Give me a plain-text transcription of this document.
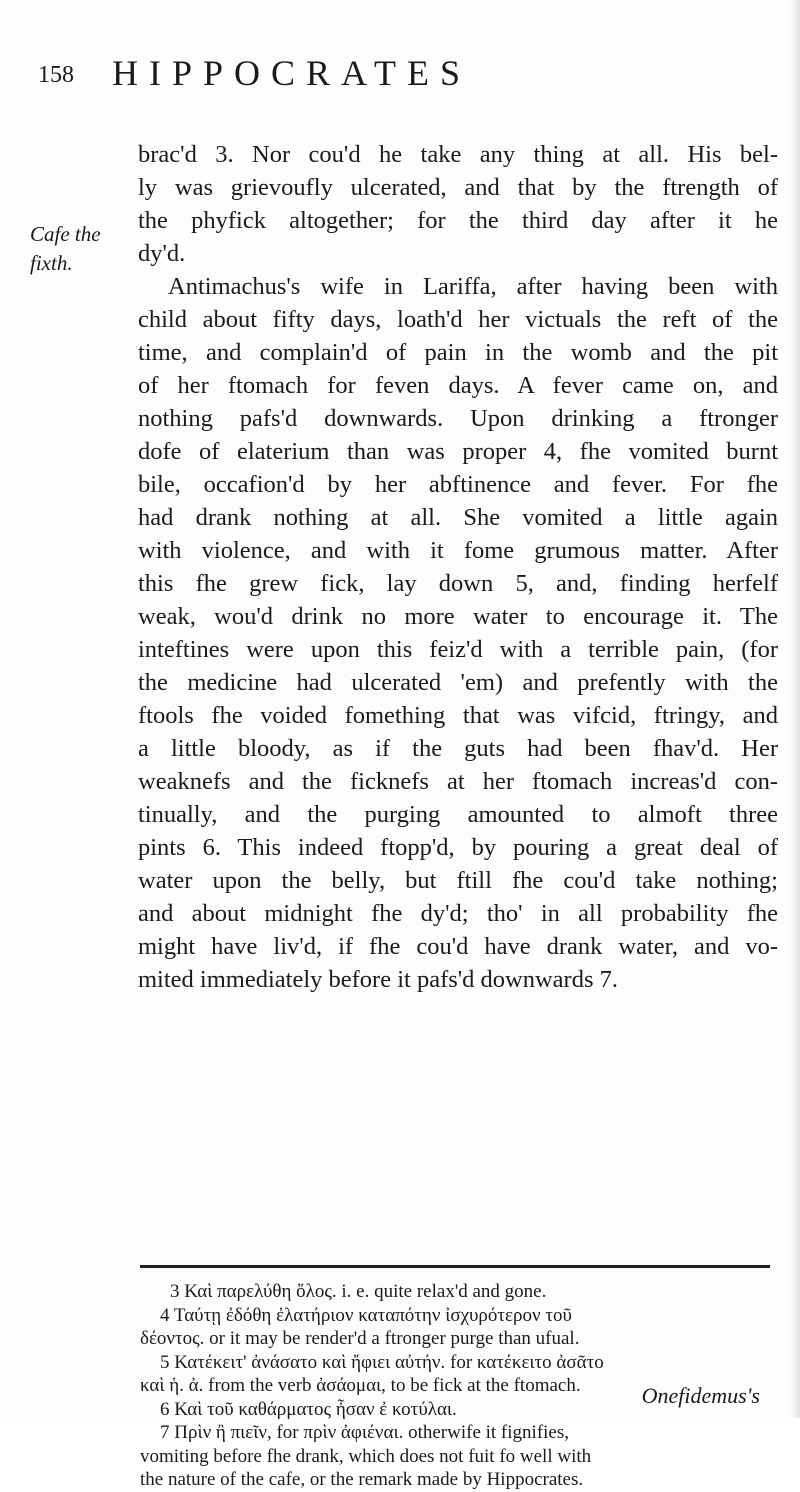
158 HIPPOCRATES
Cafe the
fixth.
brac'd 3. Nor cou'd he take any thing at all. His bel-
ly was grievoufly ulcerated, and that by the ftrength of
the phyfick altogether; for the third day after it he
dy'd.
Antimachus's wife in Lariffa, after having been with
child about fifty days, loath'd her victuals the reft of the
time, and complain'd of pain in the womb and the pit
of her ftomach for feven days. A fever came on, and
nothing pafs'd downwards. Upon drinking a ftronger
dofe of elaterium than was proper 4, fhe vomited burnt
bile, occafion'd by her abftinence and fever. For fhe
had drank nothing at all. She vomited a little again
with violence, and with it fome grumous matter. After
this fhe grew fick, lay down 5, and, finding herfelf
weak, wou'd drink no more water to encourage it. The
inteftines were upon this feiz'd with a terrible pain, (for
the medicine had ulcerated 'em) and prefently with the
ftools fhe voided fomething that was vifcid, ftringy, and
a little bloody, as if the guts had been fhav'd. Her
weaknefs and the ficknefs at her ftomach increas'd con-
tinually, and the purging amounted to almoft three
pints 6. This indeed ftopp'd, by pouring a great deal of
water upon the belly, but ftill fhe cou'd take nothing;
and about midnight fhe dy'd; tho' in all probability fhe
might have liv'd, if fhe cou'd have drank water, and vo-
mited immediately before it pafs'd downwards 7.
3 Καὶ παρελύθη ὅλος. i. e. quite relax'd and gone.
4 Ταύτῃ ἐδόθη ἐλατήριον καταπότην ἰσχυρότερον τοῦ
δέοντος. or it may be render'd a ftronger purge than ufual.
5 Κατέκειτ' ἀνάσατο καὶ ἤφιει αὐτήν. for κατέκειτο ἀσᾶτο
καὶ ἡ. ἀ. from the verb ἀσάομαι, to be fick at the ftomach.
6 Καὶ τοῦ καθάρματος ἦσαν ἐ κοτύλαι.
7 Πρὶν ἢ πιεῖν, for πρὶν ἀφιέναι. otherwife it fignifies,
vomiting before fhe drank, which does not fuit fo well with
the nature of the cafe, or the remark made by Hippocrates.
Onefidemus's
